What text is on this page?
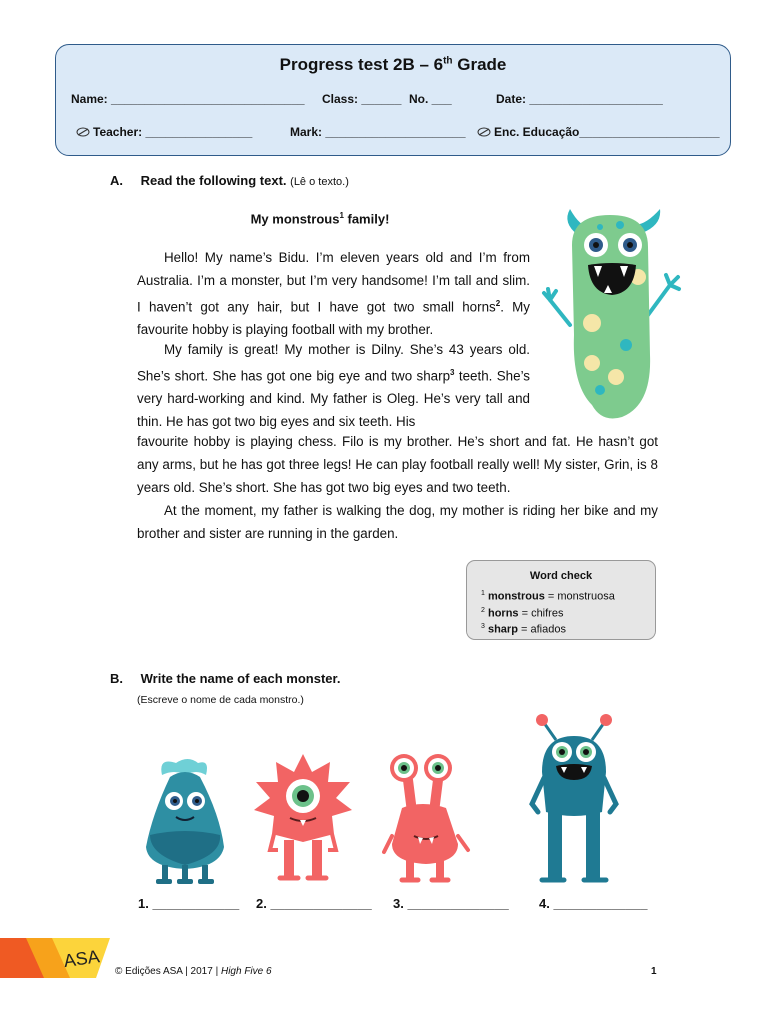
Progress test 2B – 6th Grade
Name: _____________________________ Class: ______ No. ___	Date: ____________________
Teacher: ________________	Mark: _____________________	Enc. Educação_____________________
A. Read the following text. (Lê o texto.)
My monstrous$^1$ family!
Hello! My name’s Bidu. I’m eleven years old and I’m from Australia. I’m a monster, but I’m very handsome! I’m tall and slim. I haven’t got any hair, but I have got two small horns$^2$. My favourite hobby is playing football with my brother.
My family is great! My mother is Dilny. She’s 43 years old. She’s short. She has got one big eye and two sharp$^3$ teeth. She’s very hard-working and kind. My father is Oleg. He’s very tall and thin. He has got two big eyes and six teeth. His
favourite hobby is playing chess. Filo is my brother. He’s short and fat. He hasn’t got any arms, but he has got three legs! He can play football really well! My sister, Grin, is 8 years old. She’s short. She has got two big eyes and two teeth.
At the moment, my father is walking the dog, my mother is riding her bike and my brother and sister are running in the garden.
Word check
$^1$ monstrous = monstruosa
$^2$ horns = chifres
$^3$ sharp = afiados
B. Write the name of each monster.
(Escreve o nome de cada monstro.)
1. ____________ 2. ______________ 3. ______________ 4. _____________
ASA
© Edições ASA | 2017 | High Five 6	1
